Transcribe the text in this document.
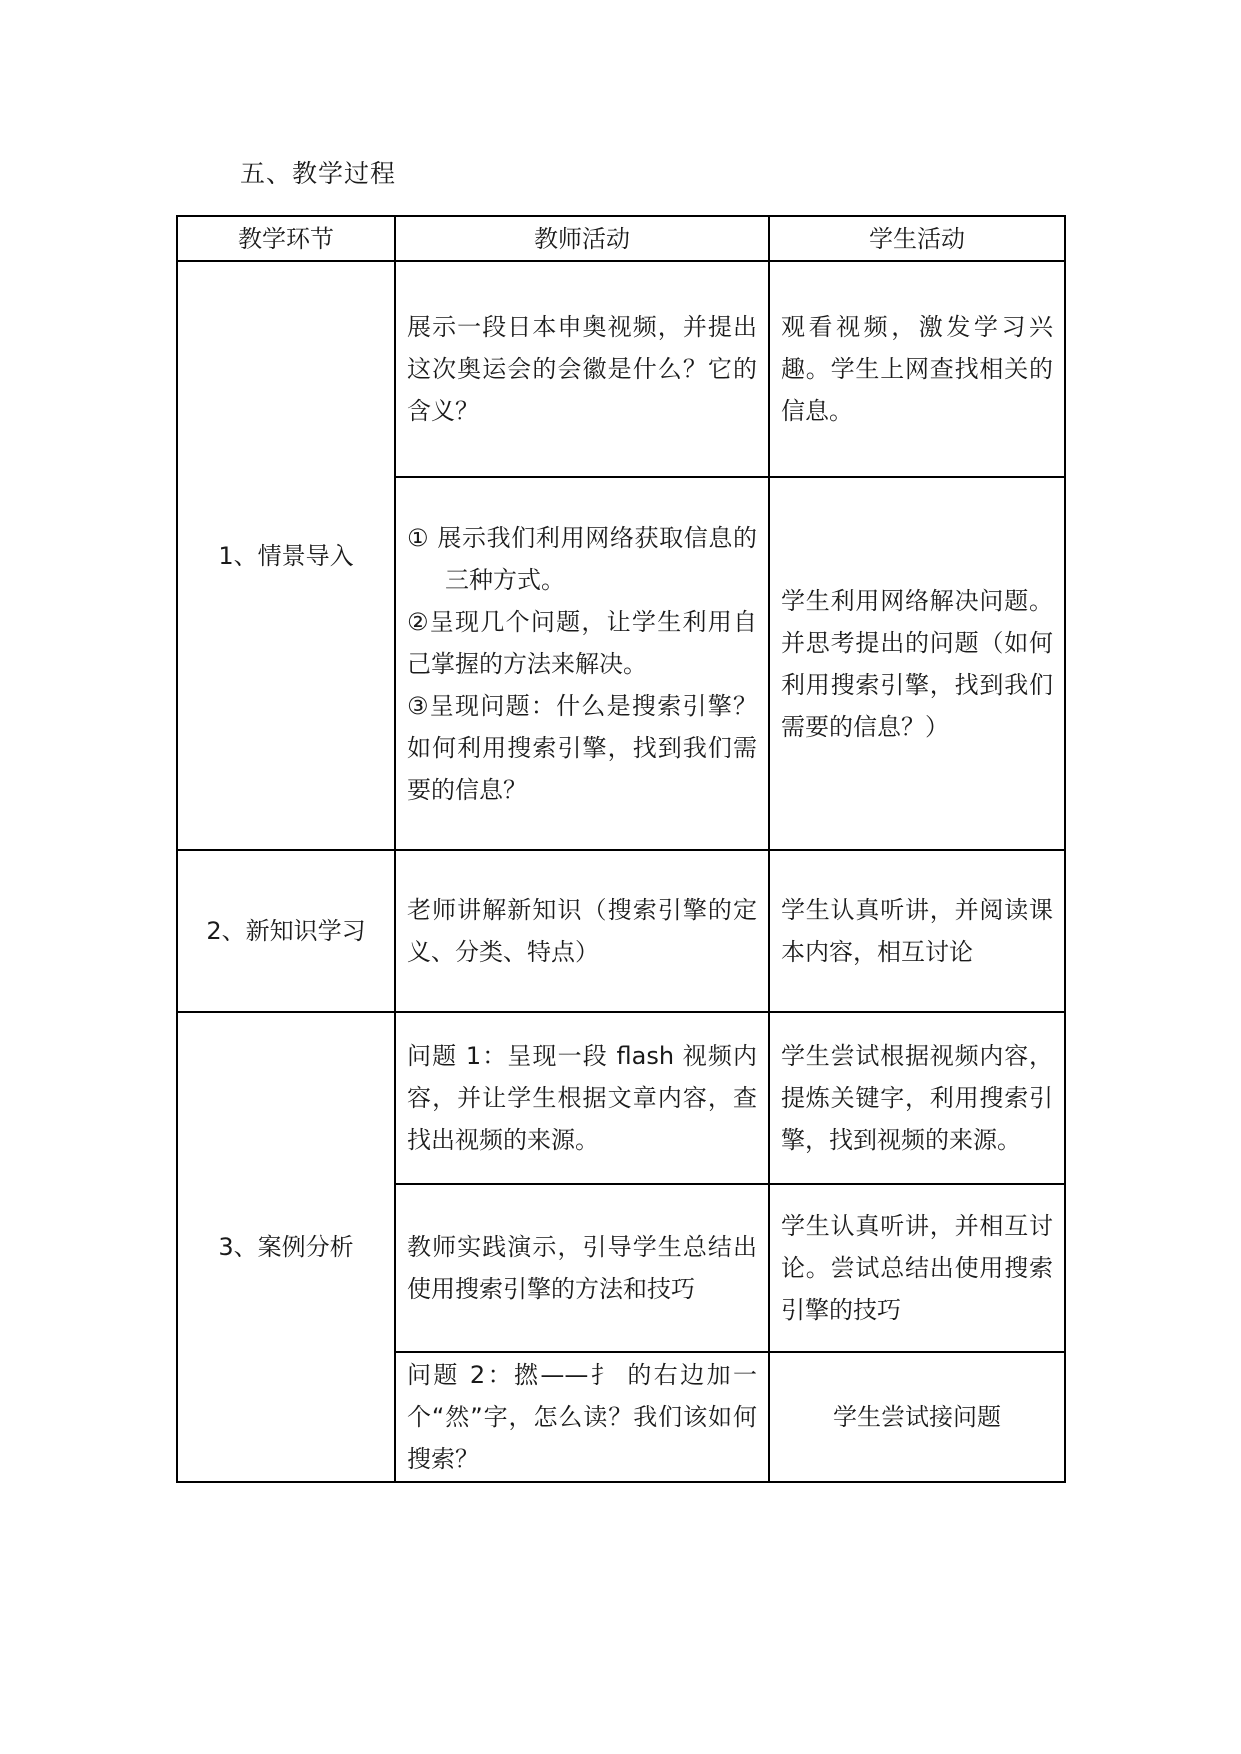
五、教学过程
教学环节	教师活动	学生活动
1、情景导入	展示一段日本申奥视频，并提出这次奥运会的会徽是什么？它的含义？	观看视频，激发学习兴趣。学生上网查找相关的信息。

	① 展示我们利用网络获取信息的三种方式。
②呈现几个问题，让学生利用自己掌握的方法来解决。
③呈现问题：什么是搜索引擎？如何利用搜索引擎，找到我们需要的信息？	学生利用网络解决问题。并思考提出的问题（如何利用搜索引擎，找到我们需要的信息？）
2、新知识学习	老师讲解新知识（搜索引擎的定义、分类、特点）	学生认真听讲，并阅读课本内容，相互讨论
3、案例分析	问题 1：呈现一段 flash 视频内容，并让学生根据文章内容，查找出视频的来源。	学生尝试根据视频内容，提炼关键字，利用搜索引擎，找到视频的来源。
	教师实践演示，引导学生总结出使用搜索引擎的方法和技巧	学生认真听讲，并相互讨论。尝试总结出使用搜索引擎的技巧
	问题 2：撚——扌 的右边加一个“然”字，怎么读？我们该如何搜索？	学生尝试接问题
